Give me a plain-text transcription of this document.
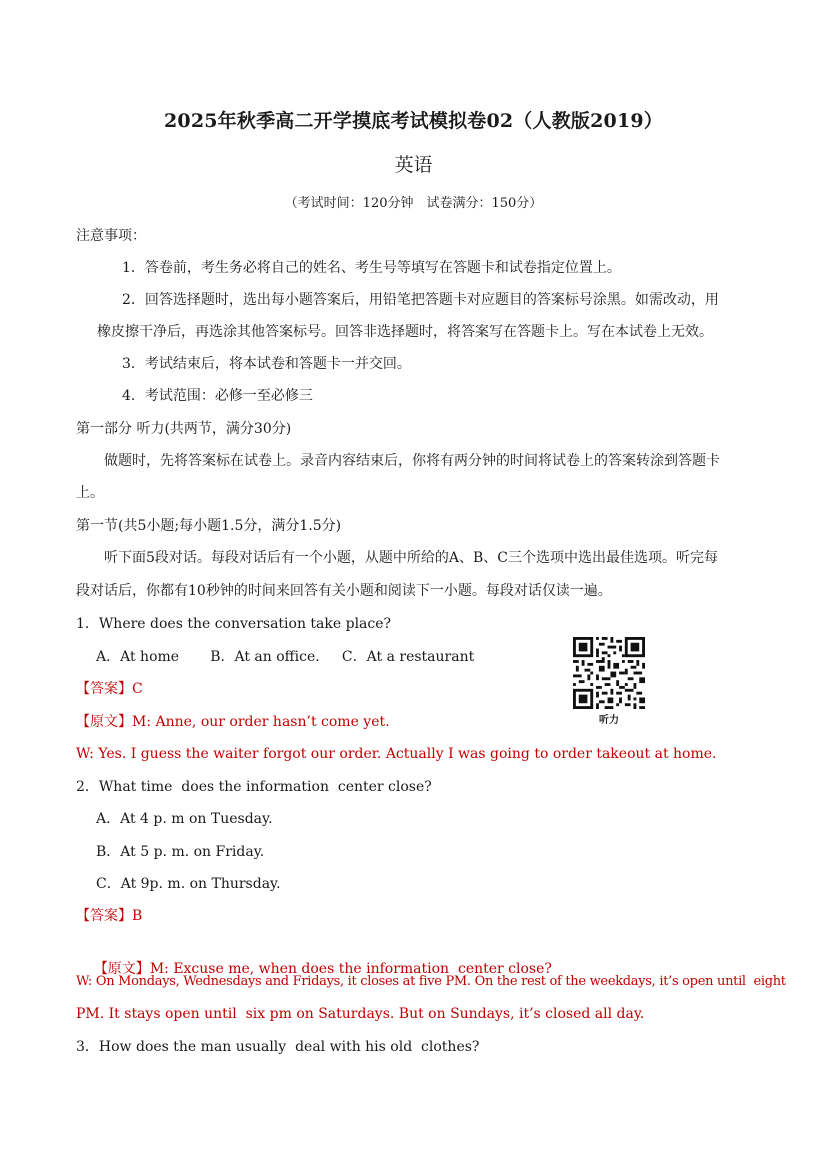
2025年秋季高二开学摸底考试模拟卷02（人教版2019）
英语
（考试时间：120分钟　试卷满分：150分）
注意事项：
1．答卷前，考生务必将自己的姓名、考生号等填写在答题卡和试卷指定位置上。
2．回答选择题时，选出每小题答案后，用铅笔把答题卡对应题目的答案标号涂黑。如需改动，用
橡皮擦干净后，再选涂其他答案标号。回答非选择题时，将答案写在答题卡上。写在本试卷上无效。
3．考试结束后，将本试卷和答题卡一并交回。
4．考试范围：必修一至必修三
第一部分 听力(共两节，满分30分)
做题时，先将答案标在试卷上。录音内容结束后，你将有两分钟的时间将试卷上的答案转涂到答题卡
上。
第一节(共5小题;每小题1.5分，满分1.5分)
听下面5段对话。每段对话后有一个小题，从题中所给的A、B、C三个选项中选出最佳选项。听完每
段对话后，你都有10秒钟的时间来回答有关小题和阅读下一小题。每段对话仅读一遍。
1．Where does the conversation take place?
A．At home       B．At an office.     C．At a restaurant
【答案】C
【原文】M: Anne, our order hasn’t come yet.
W: Yes. I guess the waiter forgot our order. Actually I was going to order takeout at home.
听力
2．What time  does the information  center close?
A．At 4 p. m on Tuesday.
B．At 5 p. m. on Friday.
C．At 9p. m. on Thursday.
【答案】B

【原文】M: Excuse me, when does the information  center close?

W: On Mondays, Wednesdays and Fridays, it closes at five PM. On the rest of the weekdays, it’s open until  eight
PM. It stays open until  six pm on Saturdays. But on Sundays, it’s closed all day.
3．How does the man usually  deal with his old  clothes?
